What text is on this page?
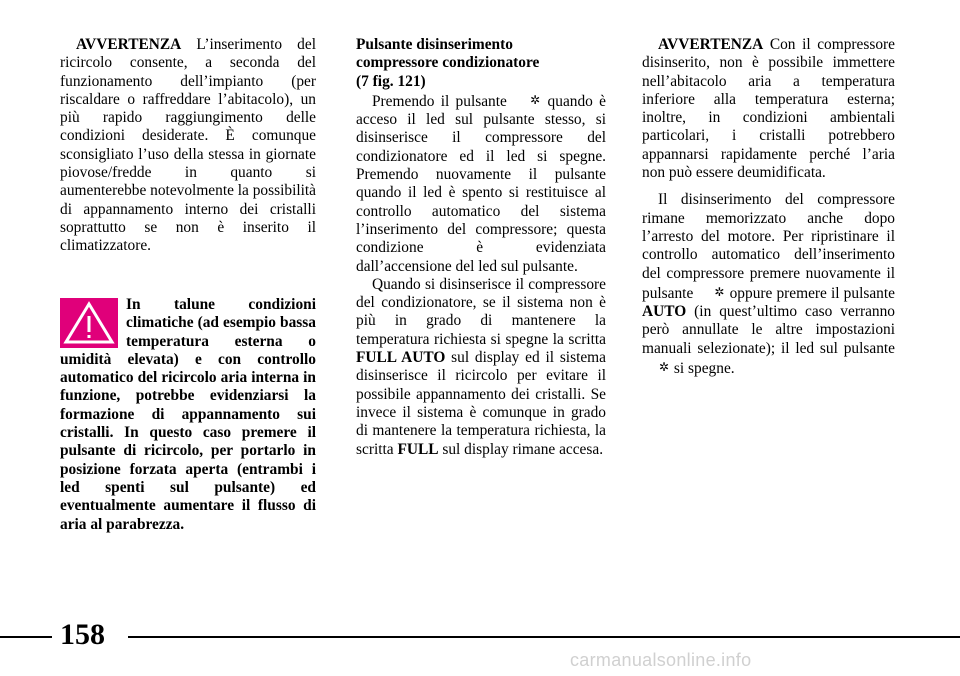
AVVERTENZA L’inserimento del ricircolo consente, a seconda del funzionamento dell’impianto (per riscaldare o raffreddare l’abitacolo), un più rapido raggiungimento delle condizioni desiderate. È comunque sconsigliato l’uso della stessa in giornate piovose/fredde in quanto si aumenterebbe notevolmente la possibilità di appannamento interno dei cristalli soprattutto se non è inserito il climatizzatore.

In talune condizioni climatiche (ad esempio bassa temperatura esterna o umidità elevata) e con controllo automatico del ricircolo aria interna in funzione, potrebbe evidenziarsi la formazione di appannamento sui cristalli. In questo caso premere il pulsante di ricircolo, per portarlo in posizione forzata aperta (entrambi i led spenti sul pulsante) ed eventualmente aumentare il flusso di aria al parabrezza.

Pulsante disinserimento
compressore condizionatore
(7 fig. 121)

Premendo il pulsante ✲ quando è acceso il led sul pulsante stesso, si disinserisce il compressore del condizionatore ed il led si spegne. Premendo nuovamente il pulsante quando il led è spento si restituisce al controllo automatico del sistema l’inserimento del compressore; questa condizione è evidenziata dall’accensione del led sul pulsante.

Quando si disinserisce il compressore del condizionatore, se il sistema non è più in grado di mantenere la temperatura richiesta si spegne la scritta FULL AUTO sul display ed il sistema disinserisce il ricircolo per evitare il possibile appannamento dei cristalli. Se invece il sistema è comunque in grado di mantenere la temperatura richiesta, la scritta FULL sul display rimane accesa.

AVVERTENZA Con il compressore disinserito, non è possibile immettere nell’abitacolo aria a temperatura inferiore alla temperatura esterna; inoltre, in condizioni ambientali particolari, i cristalli potrebbero appannarsi rapidamente perché l’aria non può essere deumidificata.

Il disinserimento del compressore rimane memorizzato anche dopo l’arresto del motore. Per ripristinare il controllo automatico dell’inserimento del compressore premere nuovamente il pulsante ✲ oppure premere il pulsante AUTO (in quest’ultimo caso verranno però annullate le altre impostazioni manuali selezionate); il led sul pulsante ✲ si spegne.

158
carmanualsonline.info
